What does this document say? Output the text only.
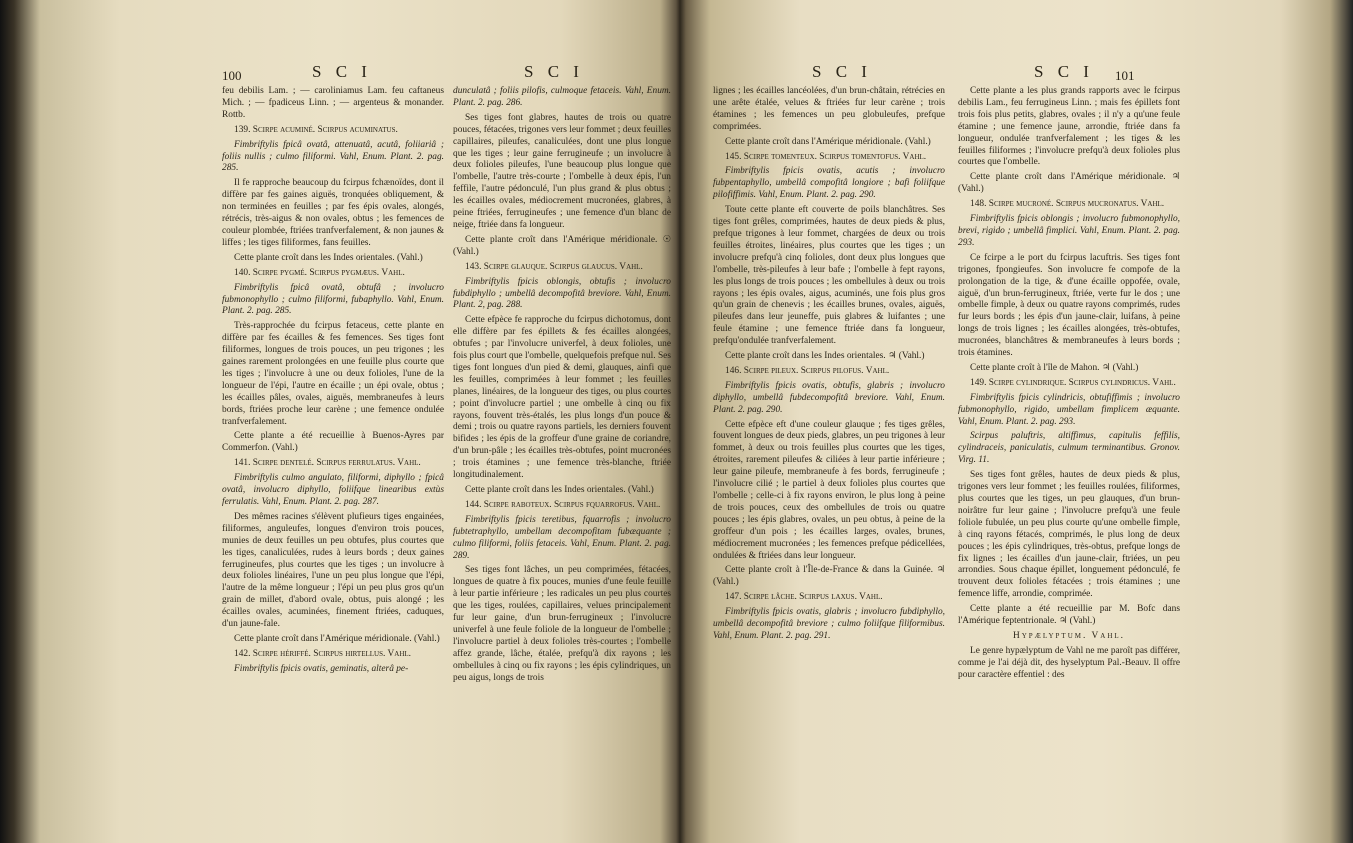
100	S C I	S C I	S C I	S C I 101

feu debilis Lam. ; — caroliniamus Lam. feu caftaneus Mich. ; — fpadiceus Linn. ; — argenteus & monander. Rottb.

139. Scirpe acuminé. Scirpus acuminatus.

Fimbriftylis fpicâ ovatâ, attenuatâ, acutâ, foliiariâ ; foliis nullis ; culmo filiformi. Vahl, Enum. Plant. 2. pag. 285.

Il fe rapproche beaucoup du fcirpus fchænoïdes, dont il diffère par fes gaines aiguës, tronquées obliquement, & non terminées en feuilles ; par fes épis ovales, alongés, rétrécis, très-aigus & non ovales, obtus ; les femences de couleur plombée, ftriées tranfverfalement, & non jaunes & liffes ; les tiges filiformes, fans feuilles.

Cette plante croît dans les Indes orientales. (Vahl.)

140. Scirpe pygmé. Scirpus pygmæus. Vahl.

Fimbriftylis fpicâ ovatâ, obtufâ ; involucro fubmonophyllo ; culmo filiformi, fubaphyllo. Vahl, Enum. Plant. 2. pag. 285.

Très-rapprochée du fcirpus fetaceus, cette plante en diffère par fes écailles & fes femences. Ses tiges font filiformes, longues de trois pouces, un peu trigones ; les gaines rarement prolongées en une feuille plus courte que les tiges ; l'involucre à une ou deux folioles, l'une de la longueur de l'épi, l'autre en écaille ; un épi ovale, obtus ; les écailles pâles, ovales, aiguës, membraneufes à leurs bords, ftriées proche leur carène ; une femence ondulée tranfverfalement.

Cette plante a été recueillie à Buenos-Ayres par Commerfon. (Vahl.)

141. Scirpe dentelé. Scirpus ferrulatus. Vahl.

Fimbriftylis culmo angulato, filiformi, diphyllo ; fpicâ ovatâ, involucro diphyllo, foliifque linearibus extùs ferrulatis. Vahl, Enum. Plant. 2. pag. 287.

Des mêmes racines s'élèvent plufieurs tiges engainées, filiformes, anguleufes, longues d'environ trois pouces, munies de deux feuilles un peu obtufes, plus courtes que les tiges, canaliculées, rudes à leurs bords ; deux gaines ferrugineufes, plus courtes que les tiges ; un involucre à deux folioles linéaires, l'une un peu plus longue que l'épi, l'autre de la même longueur ; l'épi un peu plus gros qu'un grain de millet, d'abord ovale, obtus, puis alongé ; les écailles ovales, acuminées, finement ftriées, caduques, d'un jaune-fale.

Cette plante croît dans l'Amérique méridionale. (Vahl.)

142. Scirpe hériffé. Scirpus hirtellus. Vahl.

Fimbriftylis fpicis ovatis, geminatis, alterâ pe-

dunculatâ ; foliis pilofis, culmoque fetaceis. Vahl, Enum. Plant. 2. pag. 286.

Ses tiges font glabres, hautes de trois ou quatre pouces, fétacées, trigones vers leur fommet ; deux feuilles capillaires, pileufes, canaliculées, dont une plus longue que les tiges ; leur gaine ferrugineufe ; un involucre à deux folioles pileufes, l'une beaucoup plus longue que l'ombelle, l'autre très-courte ; l'ombelle à deux épis, l'un feffile, l'autre pédonculé, l'un plus grand & plus obtus ; les écailles ovales, médiocrement mucronées, glabres, à peine ftriées, ferrugineufes ; une femence d'un blanc de neige, ftriée dans fa longueur.

Cette plante croît dans l'Amérique méridionale. ☉ (Vahl.)

143. Scirpe glauque. Scirpus glaucus. Vahl.

Fimbriftylis fpicis oblongis, obtufis ; involucro fubdiphyllo ; umbellâ decompofitâ breviore. Vahl, Enum. Plant. 2, pag. 288.

Cette efpèce fe rapproche du fcirpus dichotomus, dont elle diffère par fes épillets & fes écailles alongées, obtufes ; par l'involucre univerfel, à deux folioles, une fois plus court que l'ombelle, quelquefois prefque nul. Ses tiges font longues d'un pied & demi, glauques, ainfi que les feuilles, comprimées à leur fommet ; les feuilles planes, linéaires, de la longueur des tiges, ou plus courtes ; point d'involucre partiel ; une ombelle à cinq ou fix rayons, fouvent très-étalés, les plus longs d'un pouce & demi ; trois ou quatre rayons partiels, les derniers fouvent bifides ; les épis de la groffeur d'une graine de coriandre, d'un brun-pâle ; les écailles très-obtufes, point mucronées ; trois étamines ; une femence très-blanche, ftriée longitudinalement.

Cette plante croît dans les Indes orientales. (Vahl.)

144. Scirpe raboteux. Scirpus fquarrofus. Vahl.

Fimbriftylis fpicis teretibus, fquarrofis ; involucro fubtetraphyllo, umbellam decompofitam fubæquante ; culmo filiformi, foliis fetaceis. Vahl, Enum. Plant. 2. pag. 289.

Ses tiges font lâches, un peu comprimées, fétacées, longues de quatre à fix pouces, munies d'une feule feuille à leur partie inférieure ; les radicales un peu plus courtes que les tiges, roulées, capillaires, velues principalement fur leur gaine, d'un brun-ferrugineux ; l'involucre univerfel à une feule foliole de la longueur de l'ombelle ; l'involucre partiel à deux folioles très-courtes ; l'ombelle affez grande, lâche, étalée, prefqu'à dix rayons ; les ombellules à cinq ou fix rayons ; les épis cylindriques, un peu aigus, longs de trois

lignes ; les écailles lancéolées, d'un brun-châtain, rétrécies en une arête étalée, velues & ftriées fur leur carène ; trois étamines ; les femences un peu globuleufes, prefque comprimées.

Cette plante croît dans l'Amérique méridionale. (Vahl.)

145. Scirpe tomenteux. Scirpus tomentofus. Vahl.

Fimbriftylis fpicis ovatis, acutis ; involucro fubpentaphyllo, umbellâ compofitâ longiore ; bafi foliifque pilofiffimis. Vahl, Enum. Plant. 2. pag. 290.

Toute cette plante eft couverte de poils blanchâtres. Ses tiges font grêles, comprimées, hautes de deux pieds & plus, prefque trigones à leur fommet, chargées de deux ou trois feuilles étroites, linéaires, plus courtes que les tiges ; un involucre prefqu'à cinq folioles, dont deux plus longues que l'ombelle, très-pileufes à leur bafe ; l'ombelle à fept rayons, les plus longs de trois pouces ; les ombellules à deux ou trois rayons ; les épis ovales, aigus, acuminés, une fois plus gros qu'un grain de chenevis ; les écailles brunes, ovales, aiguës, pileufes dans leur jeuneffe, puis glabres & luifantes ; une feule étamine ; une femence ftriée dans fa longueur, prefqu'ondulée tranfverfalement.

Cette plante croît dans les Indes orientales. ♃ (Vahl.)

146. Scirpe pileux. Scirpus pilofus. Vahl.

Fimbriftylis fpicis ovatis, obtufis, glabris ; involucro diphyllo, umbellâ fubdecompofitâ breviore. Vahl, Enum. Plant. 2. pag. 290.

Cette efpèce eft d'une couleur glauque ; fes tiges grêles, fouvent longues de deux pieds, glabres, un peu trigones à leur fommet, à deux ou trois feuilles plus courtes que les tiges, étroites, rarement pileufes & ciliées à leur partie inférieure ; leur gaine pileufe, membraneufe à fes bords, ferrugineufe ; l'involucre cilié ; le partiel à deux folioles plus courtes que l'ombelle ; celle-ci à fix rayons environ, le plus long à peine de trois pouces, ceux des ombellules de trois ou quatre pouces ; les épis glabres, ovales, un peu obtus, à peine de la groffeur d'un pois ; les écailles larges, ovales, brunes, médiocrement mucronées ; les femences prefque pédicellées, ondulées & ftriées dans leur longueur.

Cette plante croît à l'Île-de-France & dans la Guinée. ♃ (Vahl.)

147. Scirpe lâche. Scirpus laxus. Vahl.

Fimbriftylis fpicis ovatis, glabris ; involucro fubdiphyllo, umbellâ decompofitâ breviore ; culmo foliifque filiformibus. Vahl, Enum. Plant. 2. pag. 291.

Cette plante a les plus grands rapports avec le fcirpus debilis Lam., feu ferrugineus Linn. ; mais fes épillets font trois fois plus petits, glabres, ovales ; il n'y a qu'une feule étamine ; une femence jaune, arrondie, ftriée dans fa longueur, ondulée tranfverfalement ; les tiges & les feuilles filiformes ; l'involucre prefqu'à deux folioles plus courtes que l'ombelle.

Cette plante croît dans l'Amérique méridionale. ♃ (Vahl.)

148. Scirpe mucroné. Scirpus mucronatus. Vahl.

Fimbriftylis fpicis oblongis ; involucro fubmonophyllo, brevi, rigido ; umbellâ fimplici. Vahl, Enum. Plant. 2. pag. 293.

Ce fcirpe a le port du fcirpus lacuftris. Ses tiges font trigones, fpongieufes. Son involucre fe compofe de la prolongation de la tige, & d'une écaille oppofée, ovale, aiguë, d'un brun-ferrugineux, ftriée, verte fur le dos ; une ombelle fimple, à deux ou quatre rayons comprimés, rudes fur leurs bords ; les épis d'un jaune-clair, luifans, à peine longs de trois lignes ; les écailles alongées, très-obtufes, mucronées, blanchâtres & membraneufes à leurs bords ; trois étamines.

Cette plante croît à l'île de Mahon. ♃ (Vahl.)

149. Scirpe cylindrique. Scirpus cylindricus. Vahl.

Fimbriftylis fpicis cylindricis, obtufiffimis ; involucro fubmonophyllo, rigido, umbellam fimplicem æquante. Vahl, Enum. Plant. 2. pag. 293.

Scirpus paluftris, altiffimus, capitulis feffilis, cylindraceis, paniculatis, culmum terminantibus. Gronov. Virg. 11.

Ses tiges font grêles, hautes de deux pieds & plus, trigones vers leur fommet ; les feuilles roulées, filiformes, plus courtes que les tiges, un peu glauques, d'un brun-noirâtre fur leur gaine ; l'involucre prefqu'à une feule foliole fubulée, un peu plus courte qu'une ombelle fimple, à cinq rayons fétacés, comprimés, le plus long de deux pouces ; les épis cylindriques, très-obtus, prefque longs de fix lignes ; les écailles d'un jaune-clair, ftriées, un peu arrondies. Sous chaque épillet, longuement pédonculé, fe trouvent deux folioles fétacées ; trois étamines ; une femence liffe, arrondie, comprimée.

Cette plante a été recueillie par M. Bofc dans l'Amérique feptentrionale. ♃ (Vahl.)

Hypælyptum. Vahl.

Le genre hypælyptum de Vahl ne me paroît pas différer, comme je l'ai déjà dit, des hyselyptum Pal.-Beauv. Il offre pour caractère effentiel : des
